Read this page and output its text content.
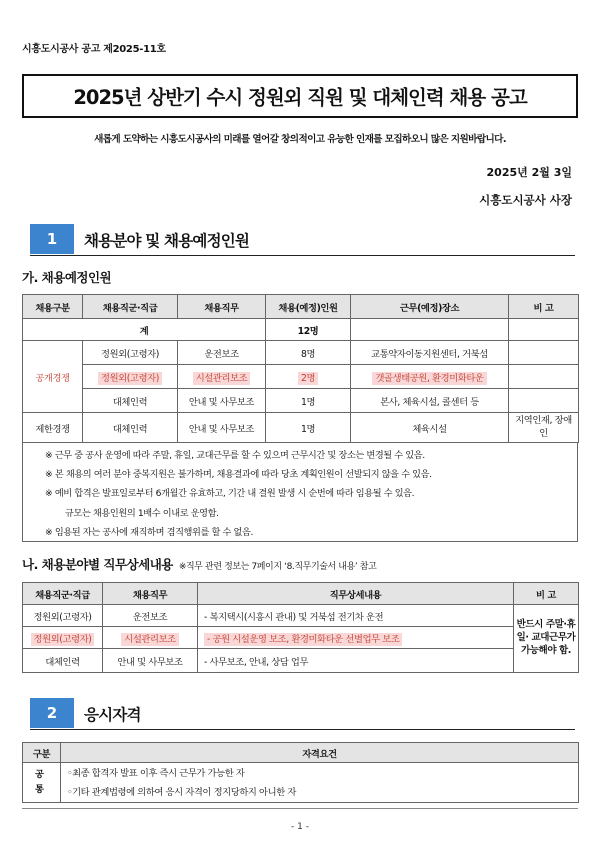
시흥도시공사 공고 제2025-11호
2025년 상반기 수시 정원외 직원 및 대체인력 채용 공고
새롭게 도약하는 시흥도시공사의 미래를 열어갈 창의적이고 유능한 인재를 모집하오니 많은 지원바랍니다.
2025년 2월 3일
시흥도시공사 사장
1	채용분야 및 채용예정인원
가. 채용예정인원
채용구분	채용직군·직급	채용직무	채용(예정)인원	근무(예정)장소	비 고
계			12명		
공개경쟁	정원외(고령자)	운전보조	8명	교통약자이동지원센터, 거북섬	
	정원외(고령자)	시설관리보조	2명	갯골생태공원, 환경미화타운	
	대체인력	안내 및 사무보조	1명	본사, 체육시설, 콜센터 등	
제한경쟁	대체인력	안내 및 사무보조	1명	체육시설	지역인재, 장애인
※ 근무 중 공사 운영에 따라 주말, 휴일, 교대근무를 할 수 있으며 근무시간 및 장소는 변경될 수 있음.
※ 본 채용의 여러 분야 중복지원은 불가하며, 채용결과에 따라 당초 계획인원이 선발되지 않을 수 있음.
※ 예비 합격은 발표일로부터 6개월간 유효하고, 기간 내 결원 발생 시 순번에 따라 임용될 수 있음.
규모는 채용인원의 1배수 이내로 운영함.
※ 임용된 자는 공사에 재직하며 겸직행위를 할 수 없음.
나. 채용분야별 직무상세내용 ※직무 관련 정보는 7페이지 ‘8.직무기술서 내용’ 참고
채용직군·직급	채용직무	직무상세내용	비 고
정원외(고령자)	운전보조	- 복지택시(시흥시 관내) 및 거북섬 전기차 운전	반드시 주말·휴일· 교대근무가 가능해야 함.
정원외(고령자)	시설관리보조	- 공원 시설운영 보조, 환경미화타운 선별업무 보조	
대체인력	안내 및 사무보조	- 사무보조, 안내, 상담 업무	
2	응시자격
구분	자격요건
공통	◦최종 합격자 발표 이후 즉시 근무가 가능한 자
◦기타 관계법령에 의하여 응시 자격이 정지당하지 아니한 자
- 1 -
